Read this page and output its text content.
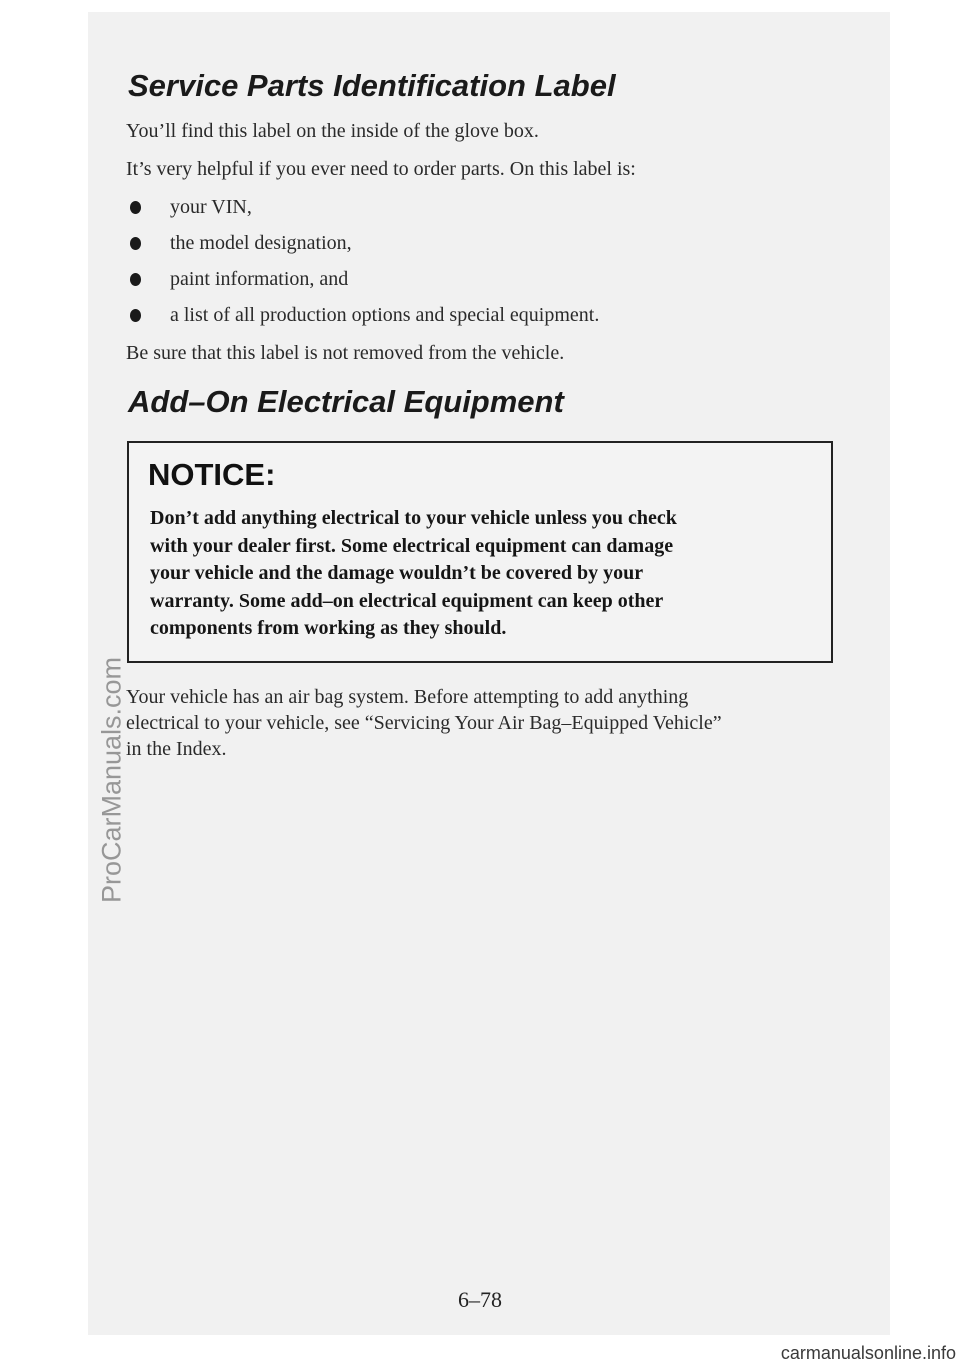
Service Parts Identification Label

You’ll find this label on the inside of the glove box.

It’s very helpful if you ever need to order parts. On this label is:

your VIN,
the model designation,
paint information, and
a list of all production options and special equipment.

Be sure that this label is not removed from the vehicle.

Add–On Electrical Equipment

NOTICE:

Don’t add anything electrical to your vehicle unless you check
with your dealer first. Some electrical equipment can damage
your vehicle and the damage wouldn’t be covered by your
warranty. Some add–on electrical equipment can keep other
components from working as they should.

Your vehicle has an air bag system. Before attempting to add anything
electrical to your vehicle, see “Servicing Your Air Bag–Equipped Vehicle”
in the Index.

6–78

ProCarManuals.com
carmanualsonline.info
